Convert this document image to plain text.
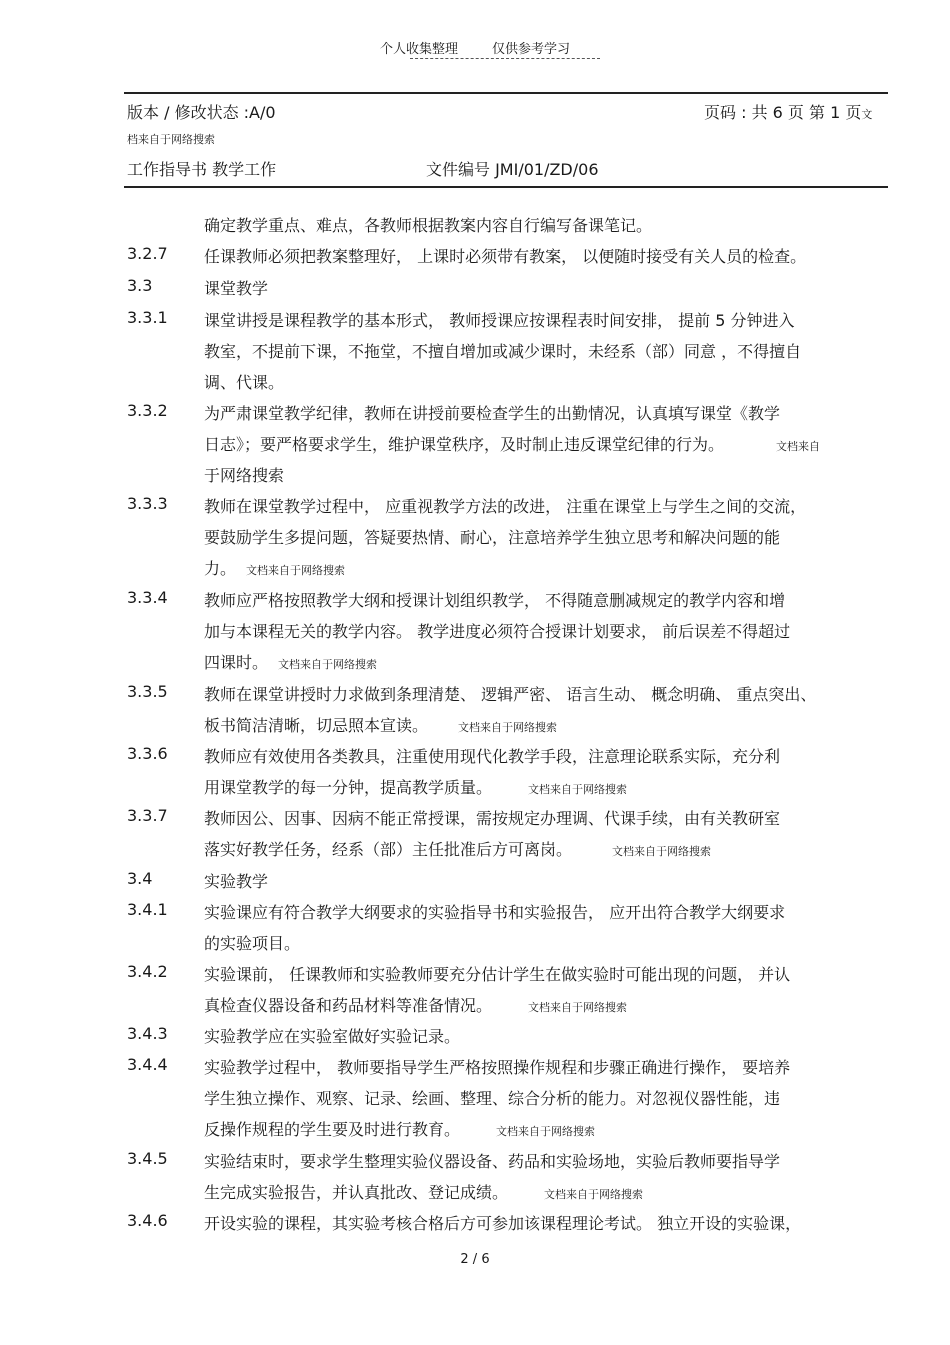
个人收集整理	仅供参考学习
版本 / 修改状态 :A/0	页码 : 共 6 页 第 1 页文
档来自于网络搜索
工作指导书 教学工作	文件编号 JMI/01/ZD/06
确定教学重点、难点，各教师根据教案内容自行编写备课笔记。
3.2.7	任课教师必须把教案整理好， 上课时必须带有教案， 以便随时接受有关人员的检查。
3.3	课堂教学
3.3.1	课堂讲授是课程教学的基本形式， 教师授课应按课程表时间安排， 提前 5 分钟进入
教室，不提前下课，不拖堂，不擅自增加或减少课时，未经系（部）同意 ，不得擅自
调、代课。
3.3.2	为严肃课堂教学纪律，教师在讲授前要检查学生的出勤情况，认真填写课堂《教学
日志》；要严格要求学生，维护课堂秩序，及时制止违反课堂纪律的行为。	文档来自
于网络搜索
3.3.3	教师在课堂教学过程中， 应重视教学方法的改进， 注重在课堂上与学生之间的交流，
要鼓励学生多提问题，答疑要热情、耐心，注意培养学生独立思考和解决问题的能
力。 文档来自于网络搜索
3.3.4	教师应严格按照教学大纲和授课计划组织教学， 不得随意删减规定的教学内容和增
加与本课程无关的教学内容。 教学进度必须符合授课计划要求， 前后误差不得超过
四课时。 文档来自于网络搜索
3.3.5	教师在课堂讲授时力求做到条理清楚、 逻辑严密、 语言生动、 概念明确、 重点突出、
板书简洁清晰，切忌照本宣读。	文档来自于网络搜索
3.3.6	教师应有效使用各类教具，注重使用现代化教学手段，注意理论联系实际，充分利
用课堂教学的每一分钟，提高教学质量。	文档来自于网络搜索
3.3.7	教师因公、因事、因病不能正常授课，需按规定办理调、代课手续，由有关教研室
落实好教学任务，经系（部）主任批准后方可离岗。	文档来自于网络搜索
3.4	实验教学
3.4.1	实验课应有符合教学大纲要求的实验指导书和实验报告， 应开出符合教学大纲要求
的实验项目。
3.4.2	实验课前， 任课教师和实验教师要充分估计学生在做实验时可能出现的问题， 并认
真检查仪器设备和药品材料等准备情况。	文档来自于网络搜索
3.4.3	实验教学应在实验室做好实验记录。
3.4.4	实验教学过程中， 教师要指导学生严格按照操作规程和步骤正确进行操作， 要培养
学生独立操作、观察、记录、绘画、整理、综合分析的能力。对忽视仪器性能，违
反操作规程的学生要及时进行教育。	文档来自于网络搜索
3.4.5	实验结束时，要求学生整理实验仪器设备、药品和实验场地，实验后教师要指导学
生完成实验报告，并认真批改、登记成绩。	文档来自于网络搜索
3.4.6	开设实验的课程，其实验考核合格后方可参加该课程理论考试。 独立开设的实验课，
2 / 6
